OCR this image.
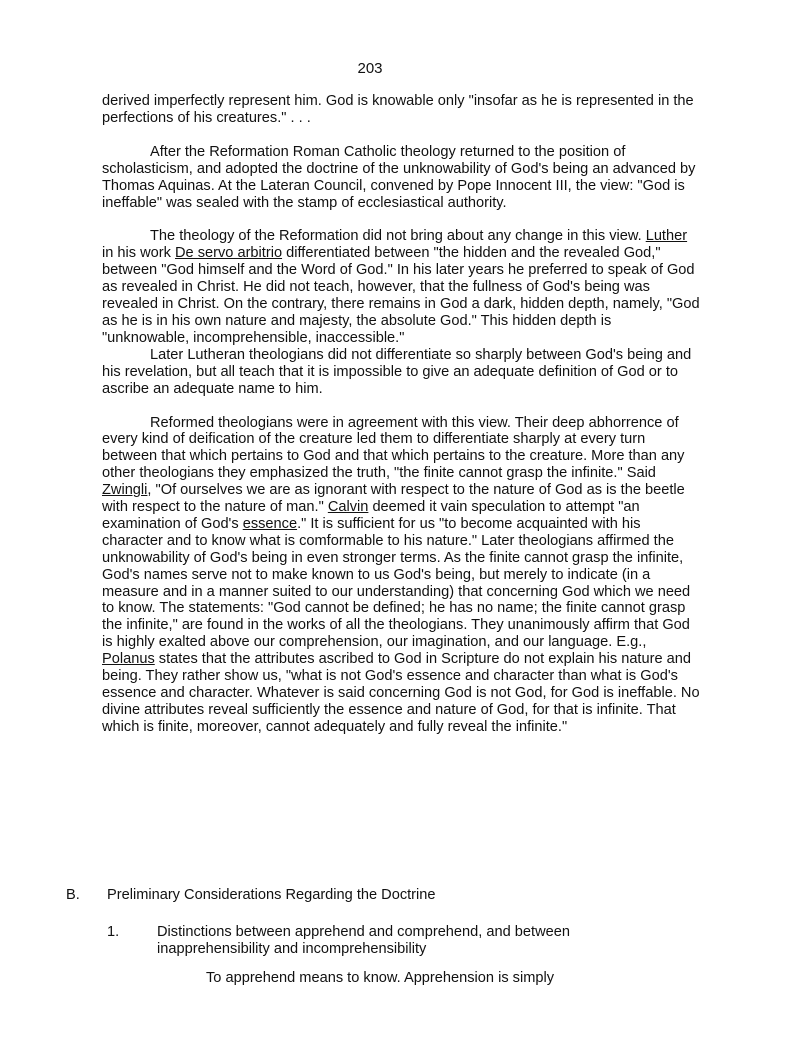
203

derived imperfectly represent him. God is knowable only "insofar as he is represented in the perfections of his creatures." . . .

After the Reformation Roman Catholic theology returned to the position of scholasticism, and adopted the doctrine of the unknowability of God's being an advanced by Thomas Aquinas. At the Lateran Council, convened by Pope Innocent III, the view: "God is ineffable" was sealed with the stamp of ecclesiastical authority.

The theology of the Reformation did not bring about any change in this view. Luther in his work De servo arbitrio differentiated between "the hidden and the revealed God," between "God himself and the Word of God." In his later years he preferred to speak of God as revealed in Christ. He did not teach, however, that the fullness of God's being was revealed in Christ. On the contrary, there remains in God a dark, hidden depth, namely, "God as he is in his own nature and majesty, the absolute God." This hidden depth is "unknowable, incomprehensible, inaccessible."

Later Lutheran theologians did not differentiate so sharply between God's being and his revelation, but all teach that it is impossible to give an adequate definition of God or to ascribe an adequate name to him.

Reformed theologians were in agreement with this view. Their deep abhorrence of every kind of deification of the creature led them to differentiate sharply at every turn between that which pertains to God and that which pertains to the creature. More than any other theologians they emphasized the truth, "the finite cannot grasp the infinite." Said Zwingli, "Of ourselves we are as ignorant with respect to the nature of God as is the beetle with respect to the nature of man." Calvin deemed it vain speculation to attempt "an examination of God's essence." It is sufficient for us "to become acquainted with his character and to know what is comformable to his nature." Later theologians affirmed the unknowability of God's being in even stronger terms. As the finite cannot grasp the infinite, God's names serve not to make known to us God's being, but merely to indicate (in a measure and in a manner suited to our understanding) that concerning God which we need to know. The statements: "God cannot be defined; he has no name; the finite cannot grasp the infinite," are found in the works of all the theologians. They unanimously affirm that God is highly exalted above our comprehension, our imagination, and our language. E.g., Polanus states that the attributes ascribed to God in Scripture do not explain his nature and being. They rather show us, "what is not God's essence and character than what is God's essence and character. Whatever is said concerning God is not God, for God is ineffable. No divine attributes reveal sufficiently the essence and nature of God, for that is infinite. That which is finite, moreover, cannot adequately and fully reveal the infinite."

B.	Preliminary Considerations Regarding the Doctrine
1.	Distinctions between apprehend and comprehend, and between inapprehensibility and incomprehensibility
To apprehend means to know. Apprehension is simply
